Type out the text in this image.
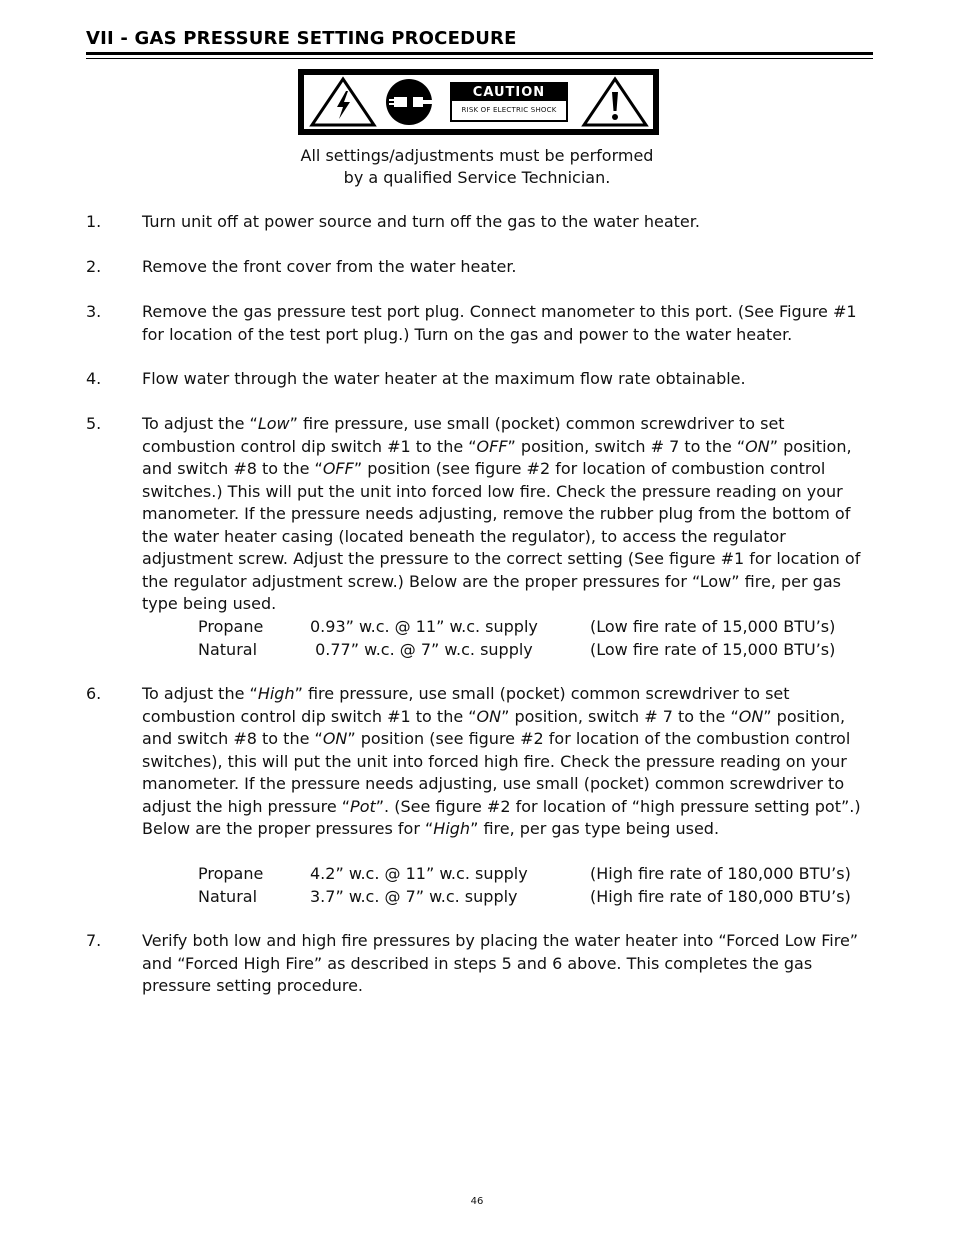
VII - GAS PRESSURE SETTING PROCEDURE
CAUTION
RISK OF ELECTRIC SHOCK
All settings/adjustments must be performed
by a qualified Service Technician.
1.	Turn unit off at power source and turn off the gas to the water heater.
2.	Remove the front cover from the water heater.
3.	Remove the gas pressure test port plug. Connect manometer to this port. (See Figure #1 for location of the test port plug.) Turn on the gas and power to the water heater.
4.	Flow water through the water heater at the maximum flow rate obtainable.
5.	To adjust the “Low” fire pressure, use small (pocket) common screwdriver to set combustion control dip switch #1 to the “OFF” position, switch # 7 to the “ON” position, and switch #8 to the “OFF” position (see figure #2 for location of combustion control switches.) This will put the unit into forced low fire. Check the pressure reading on your manometer. If the pressure needs adjusting, remove the rubber plug from the bottom of the water heater casing (located beneath the regulator), to access the regulator adjustment screw. Adjust the pressure to the correct setting (See figure #1 for location of the regulator adjustment screw.) Below are the proper pressures for “Low” fire, per gas type being used.
6.	To adjust the “High” fire pressure, use small (pocket) common screwdriver to set combustion control dip switch #1 to the “ON” position, switch # 7 to the “ON” position, and switch #8 to the “ON” position (see figure #2 for location of the combustion control switches), this will put the unit into forced high fire. Check the pressure reading on your manometer. If the pressure needs adjusting, use small (pocket) common screwdriver to adjust the high pressure “Pot”. (See figure #2 for location of “high pressure setting pot”.)
Below are the proper pressures for “High” fire, per gas type being used.
7.	Verify both low and high fire pressures by placing the water heater into “Forced Low Fire” and “Forced High Fire” as described in steps 5 and 6 above. This completes the gas pressure setting procedure.
Propane	0.93” w.c. @ 11” w.c. supply	(Low fire rate of 15,000 BTU’s)
Natural	0.77” w.c. @ 7” w.c. supply	(Low fire rate of 15,000 BTU’s)
Propane	4.2” w.c. @ 11” w.c. supply	(High fire rate of 180,000 BTU’s)
Natural	3.7” w.c. @ 7” w.c. supply	(High fire rate of 180,000 BTU’s)
46
